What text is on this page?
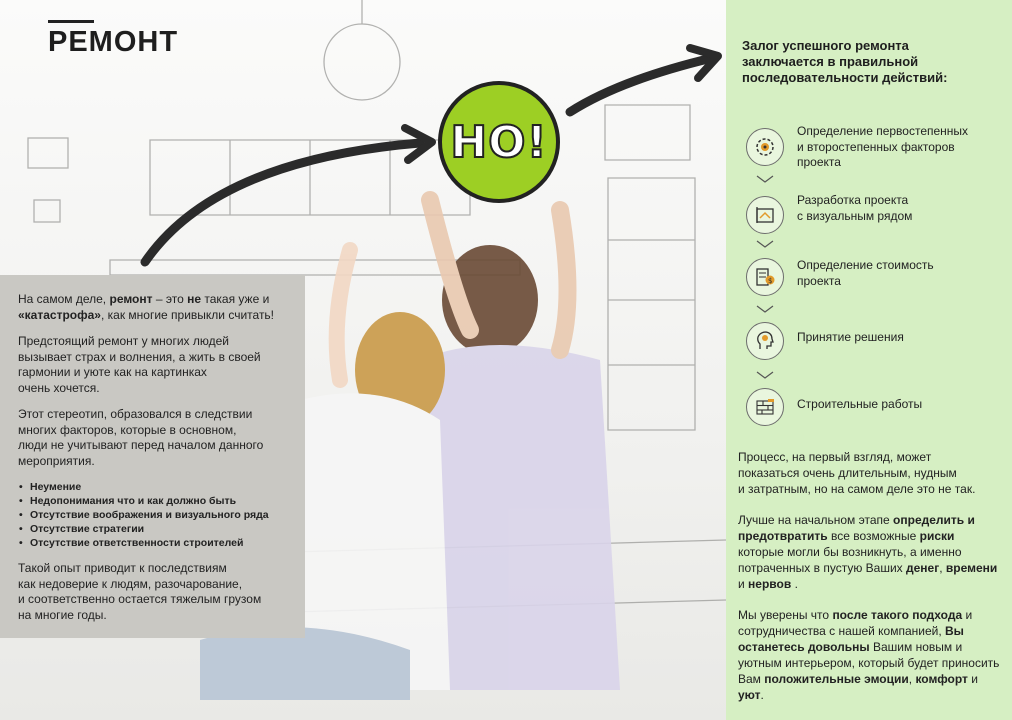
РЕМОНТ
НО!

На самом деле, ремонт – это не такая уже и
«катастрофа», как многие привыкли считать!

Предстоящий ремонт у многих людей
вызывает страх и волнения, а жить в своей
гармонии и уюте как на картинках
очень хочется.

Этот стереотип, образовался в следствии
многих факторов, которые в основном,
люди не учитывают перед началом данного
мероприятия.

• Неумение
• Недопонимания что и как должно быть
• Отсутствие воображения и визуального ряда
• Отсутствие стратегии
• Отсутствие ответственности строителей

Такой опыт приводит к последствиям
как недоверие к людям, разочарование,
и соответственно остается тяжелым грузом
на многие годы.

Залог успешного ремонта
заключается в правильной
последовательности действий:
Определение первостепенных
и второстепенных факторов
проекта
Разработка проекта
с визуальным рядом
$
Определение стоимость
проекта
Принятие решения
Строительные работы

Процесс, на первый взгляд, может
показаться очень длительным, нудным
и затратным, но на самом деле это не так.

Лучше на начальном этапе определить и предотвратить все возможные риски которые могли бы возникнуть, а именно потраченных в пустую Ваших денег, времени и нервов .

Мы уверены что после такого подхода и сотрудничества с нашей компанией, Вы останетесь довольны Вашим новым и уютным интерьером, который будет приносить Вам положительные эмоции, комфорт и уют.
